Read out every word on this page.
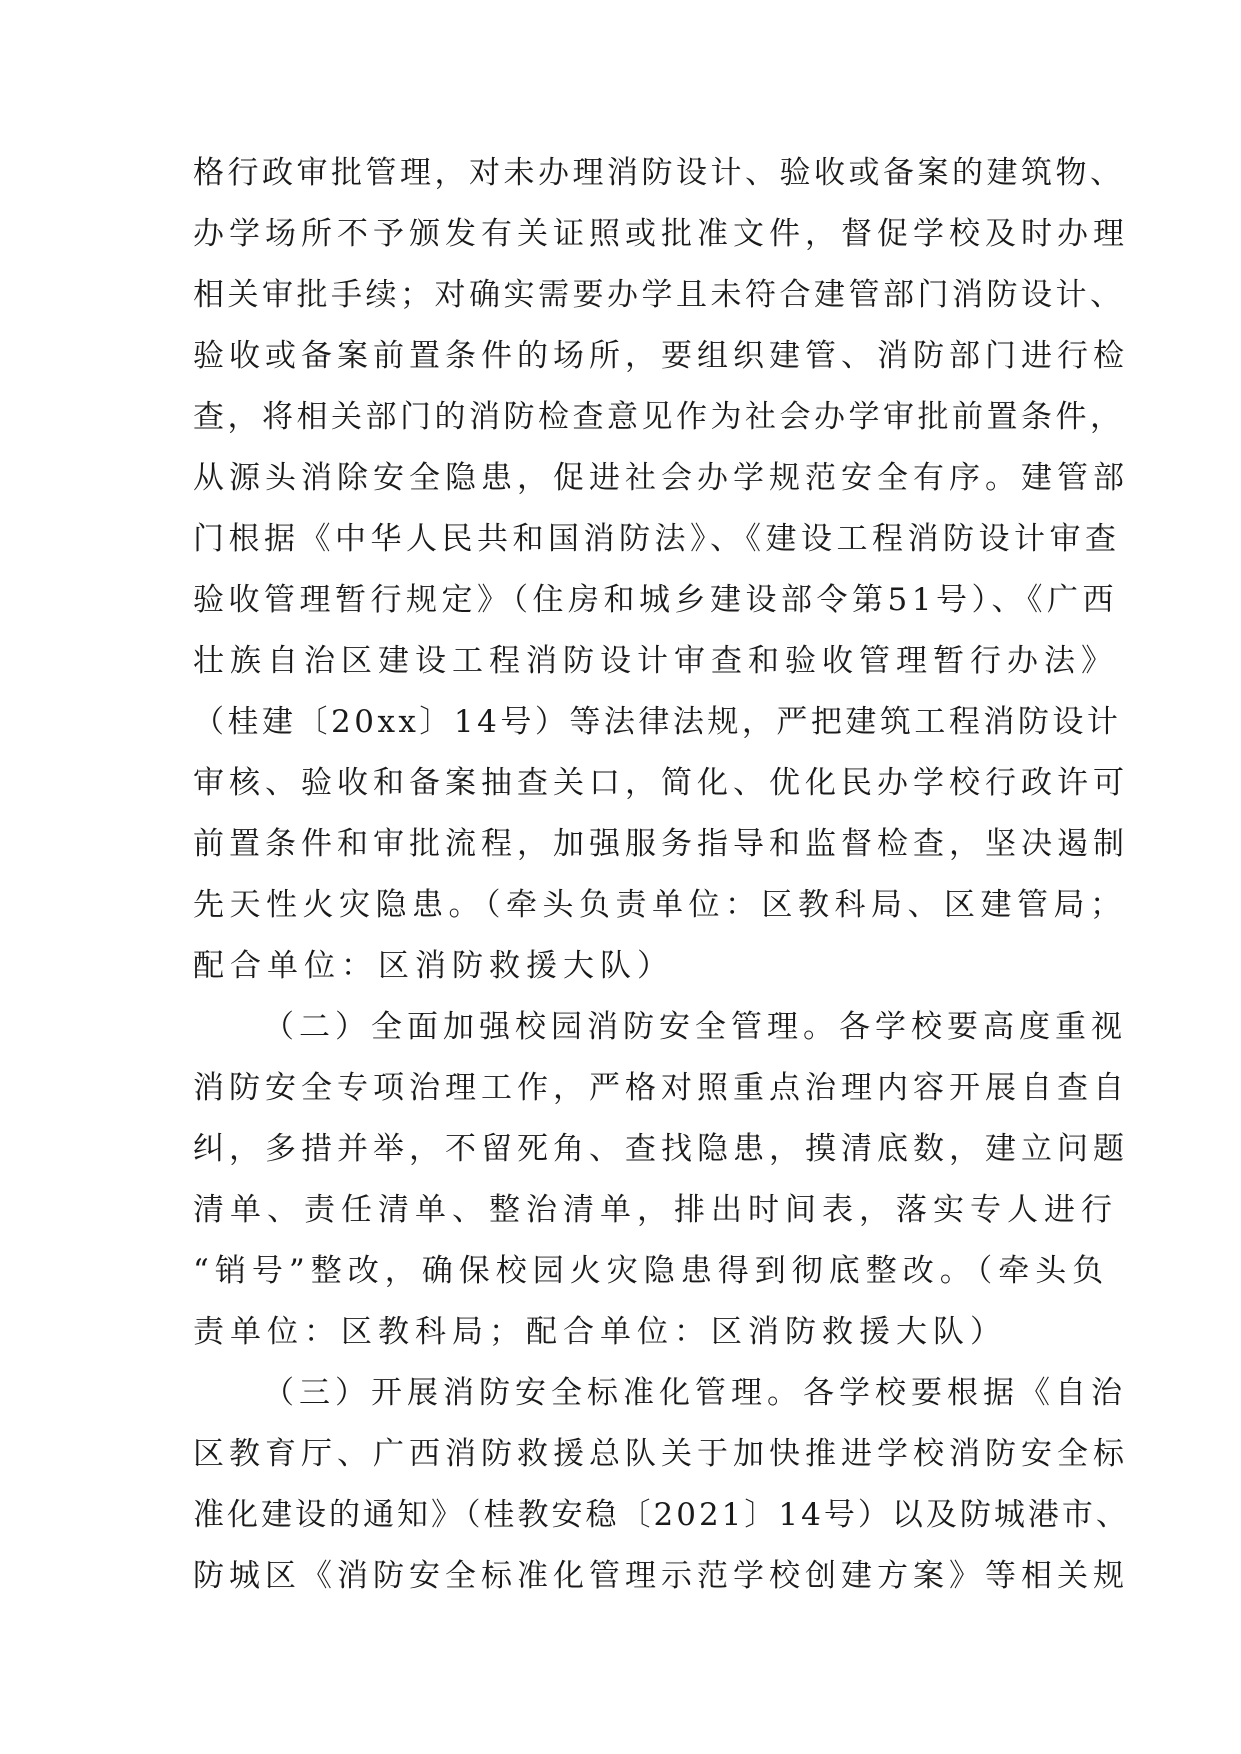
格行政审批管理，对未办理消防设计、验收或备案的建筑物、
办学场所不予颁发有关证照或批准文件，督促学校及时办理
相关审批手续；对确实需要办学且未符合建管部门消防设计、
验收或备案前置条件的场所，要组织建管、消防部门进行检
查，将相关部门的消防检查意见作为社会办学审批前置条件，
从源头消除安全隐患，促进社会办学规范安全有序。建管部
门根据《中华人民共和国消防法》、《建设工程消防设计审查
验收管理暂行规定》（住房和城乡建设部令第51号）、《广西
壮族自治区建设工程消防设计审查和验收管理暂行办法》
（桂建〔20xx〕14号）等法律法规，严把建筑工程消防设计
审核、验收和备案抽查关口，简化、优化民办学校行政许可
前置条件和审批流程，加强服务指导和监督检查，坚决遏制
先天性火灾隐患。（牵头负责单位：区教科局、区建管局；
配合单位：区消防救援大队）
（二）全面加强校园消防安全管理。各学校要高度重视
消防安全专项治理工作，严格对照重点治理内容开展自查自
纠，多措并举，不留死角、查找隐患，摸清底数，建立问题
清单、责任清单、整治清单，排出时间表，落实专人进行
“销号”整改，确保校园火灾隐患得到彻底整改。（牵头负
责单位：区教科局；配合单位：区消防救援大队）
（三）开展消防安全标准化管理。各学校要根据《自治
区教育厅、广西消防救援总队关于加快推进学校消防安全标
准化建设的通知》（桂教安稳〔2021〕14号）以及防城港市、
防城区《消防安全标准化管理示范学校创建方案》等相关规
